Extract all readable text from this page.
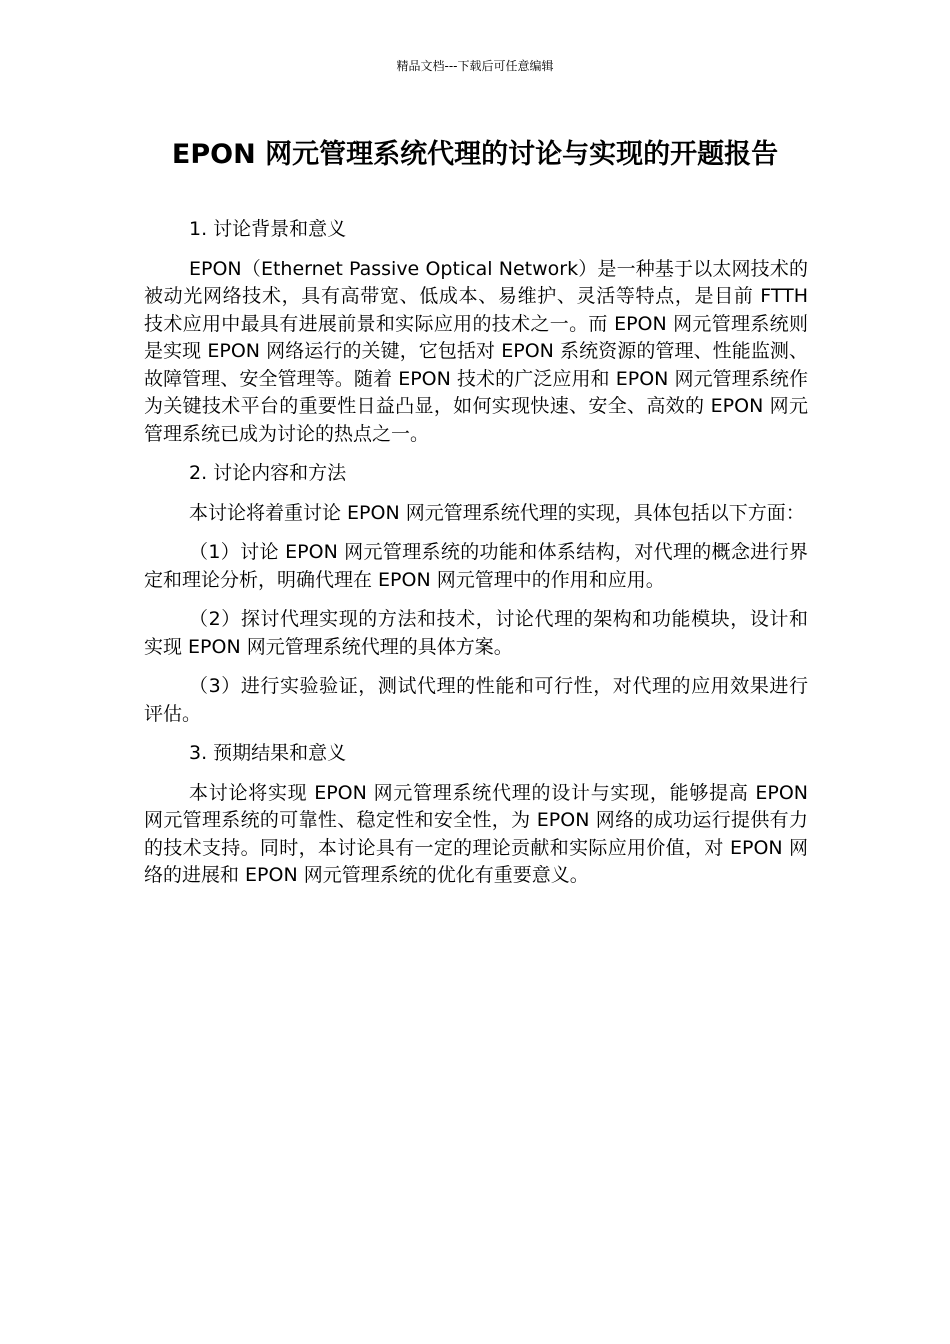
精品文档---下载后可任意编辑
EPON 网元管理系统代理的讨论与实现的开题报告

1. 讨论背景和意义

EPON（Ethernet Passive Optical Network）是一种基于以太网技术的被动光网络技术，具有高带宽、低成本、易维护、灵活等特点，是目前 FTTH 技术应用中最具有进展前景和实际应用的技术之一。而 EPON 网元管理系统则是实现 EPON 网络运行的关键，它包括对 EPON 系统资源的管理、性能监测、故障管理、安全管理等。随着 EPON 技术的广泛应用和 EPON 网元管理系统作为关键技术平台的重要性日益凸显，如何实现快速、安全、高效的 EPON 网元管理系统已成为讨论的热点之一。

2. 讨论内容和方法

本讨论将着重讨论 EPON 网元管理系统代理的实现，具体包括以下方面：

（1）讨论 EPON 网元管理系统的功能和体系结构，对代理的概念进行界定和理论分析，明确代理在 EPON 网元管理中的作用和应用。

（2）探讨代理实现的方法和技术，讨论代理的架构和功能模块，设计和实现 EPON 网元管理系统代理的具体方案。

（3）进行实验验证，测试代理的性能和可行性，对代理的应用效果进行评估。

3. 预期结果和意义

本讨论将实现 EPON 网元管理系统代理的设计与实现，能够提高 EPON 网元管理系统的可靠性、稳定性和安全性，为 EPON 网络的成功运行提供有力的技术支持。同时，本讨论具有一定的理论贡献和实际应用价值，对 EPON 网络的进展和 EPON 网元管理系统的优化有重要意义。
